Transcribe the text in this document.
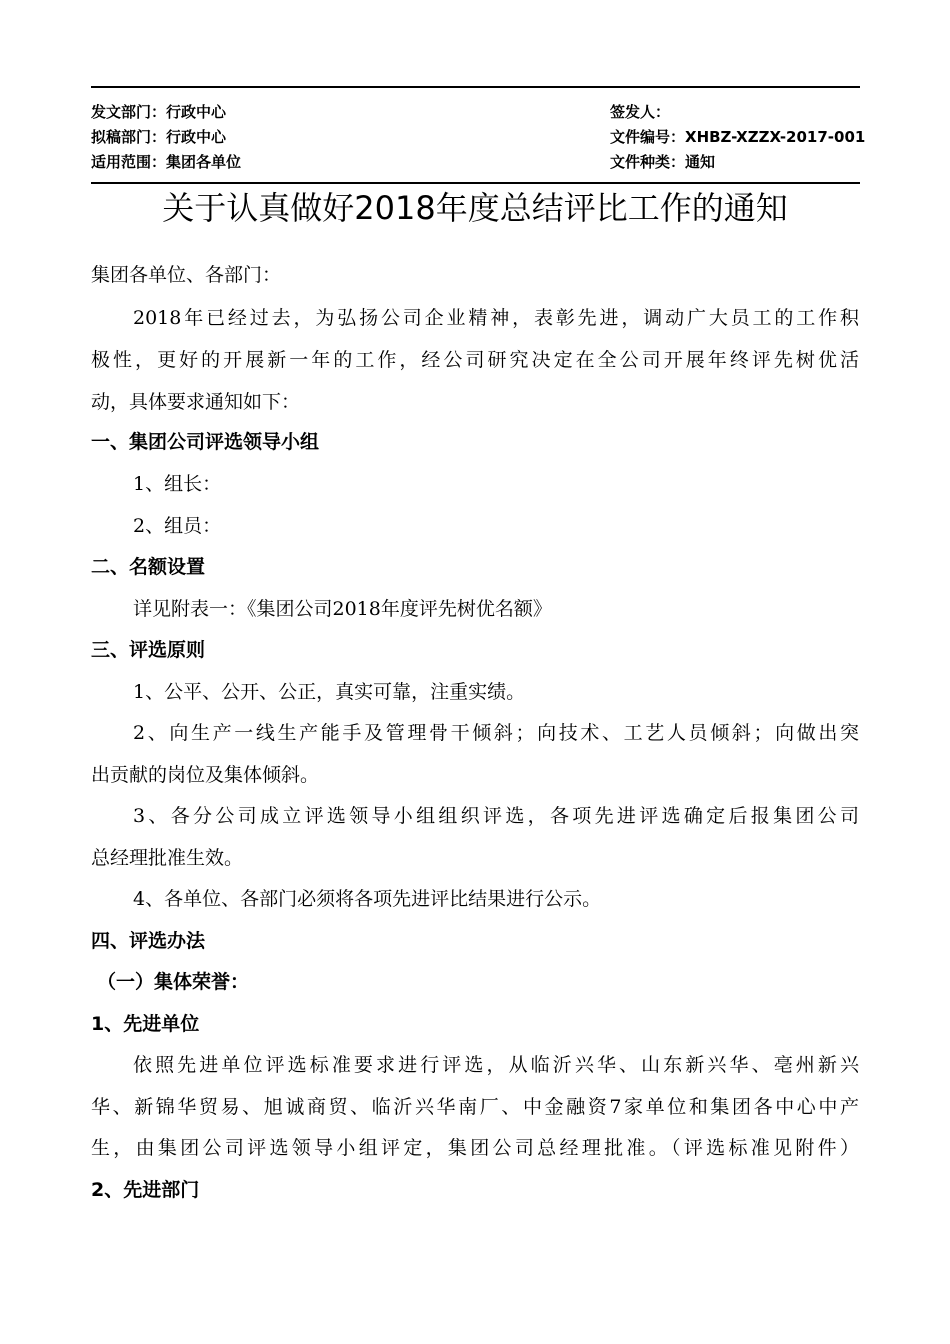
发文部门：行政中心
拟稿部门：行政中心
适用范围：集团各单位
签发人：
文件编号：XHBZ-XZZX-2017-001
文件种类：通知
关于认真做好2018年度总结评比工作的通知
集团各单位、各部门：
2018年已经过去，为弘扬公司企业精神，表彰先进，调动广大员工的工作积
极性，更好的开展新一年的工作，经公司研究决定在全公司开展年终评先树优活
动，具体要求通知如下：
一、集团公司评选领导小组
1、组长：
2、组员：
二、名额设置
详见附表一：《集团公司2018年度评先树优名额》
三、评选原则
1、公平、公开、公正，真实可靠，注重实绩。
2、向生产一线生产能手及管理骨干倾斜；向技术、工艺人员倾斜；向做出突
出贡献的岗位及集体倾斜。
3、各分公司成立评选领导小组组织评选，各项先进评选确定后报集团公司
总经理批准生效。
4、各单位、各部门必须将各项先进评比结果进行公示。
四、评选办法
（一）集体荣誉：
1、先进单位
依照先进单位评选标准要求进行评选，从临沂兴华、山东新兴华、亳州新兴
华、新锦华贸易、旭诚商贸、临沂兴华南厂、中金融资7家单位和集团各中心中产
生，由集团公司评选领导小组评定，集团公司总经理批准。（评选标准见附件）
2、先进部门
